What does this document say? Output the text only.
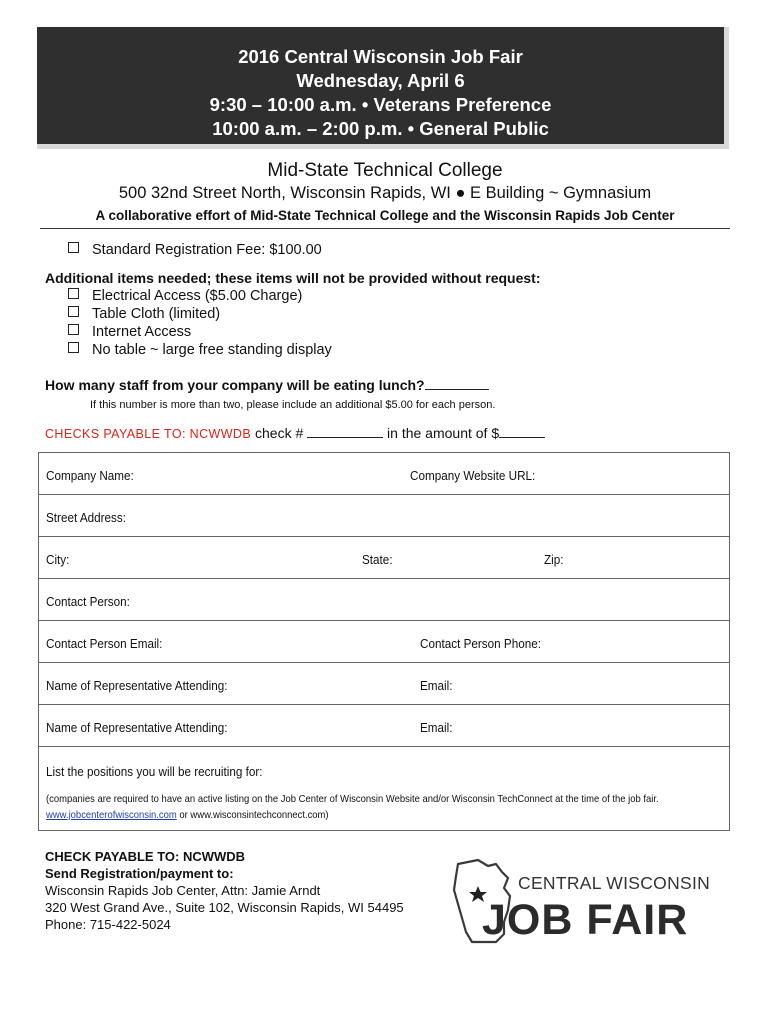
2016 Central Wisconsin Job Fair
Wednesday, April 6
9:30 – 10:00 a.m. • Veterans Preference
10:00 a.m. – 2:00 p.m. • General Public
Mid-State Technical College
500 32nd Street North, Wisconsin Rapids, WI ● E Building ~ Gymnasium
A collaborative effort of Mid-State Technical College and the Wisconsin Rapids Job Center
Standard Registration Fee: $100.00
Additional items needed; these items will not be provided without request:
Electrical Access ($5.00 Charge)
Table Cloth (limited)
Internet Access
No table ~ large free standing display
How many staff from your company will be eating lunch?
If this number is more than two, please include an additional $5.00 for each person.
CHECKS PAYABLE TO: NCWWDB check #	in the amount of $
Company Name:	Company Website URL:
Street Address:
City:	State:	Zip:
Contact Person:
Contact Person Email:	Contact Person Phone:
Name of Representative Attending:	Email:
Name of Representative Attending:	Email:
List the positions you will be recruiting for:
(companies are required to have an active listing on the Job Center of Wisconsin Website and/or Wisconsin TechConnect at the time of the job fair.
www.jobcenterofwisconsin.com or www.wisconsintechconnect.com)
CHECK PAYABLE TO: NCWWDB
Send Registration/payment to:
Wisconsin Rapids Job Center, Attn: Jamie Arndt
320 West Grand Ave., Suite 102, Wisconsin Rapids, WI 54495
Phone: 715-422-5024
CENTRAL WISCONSIN
JOB FAIR
